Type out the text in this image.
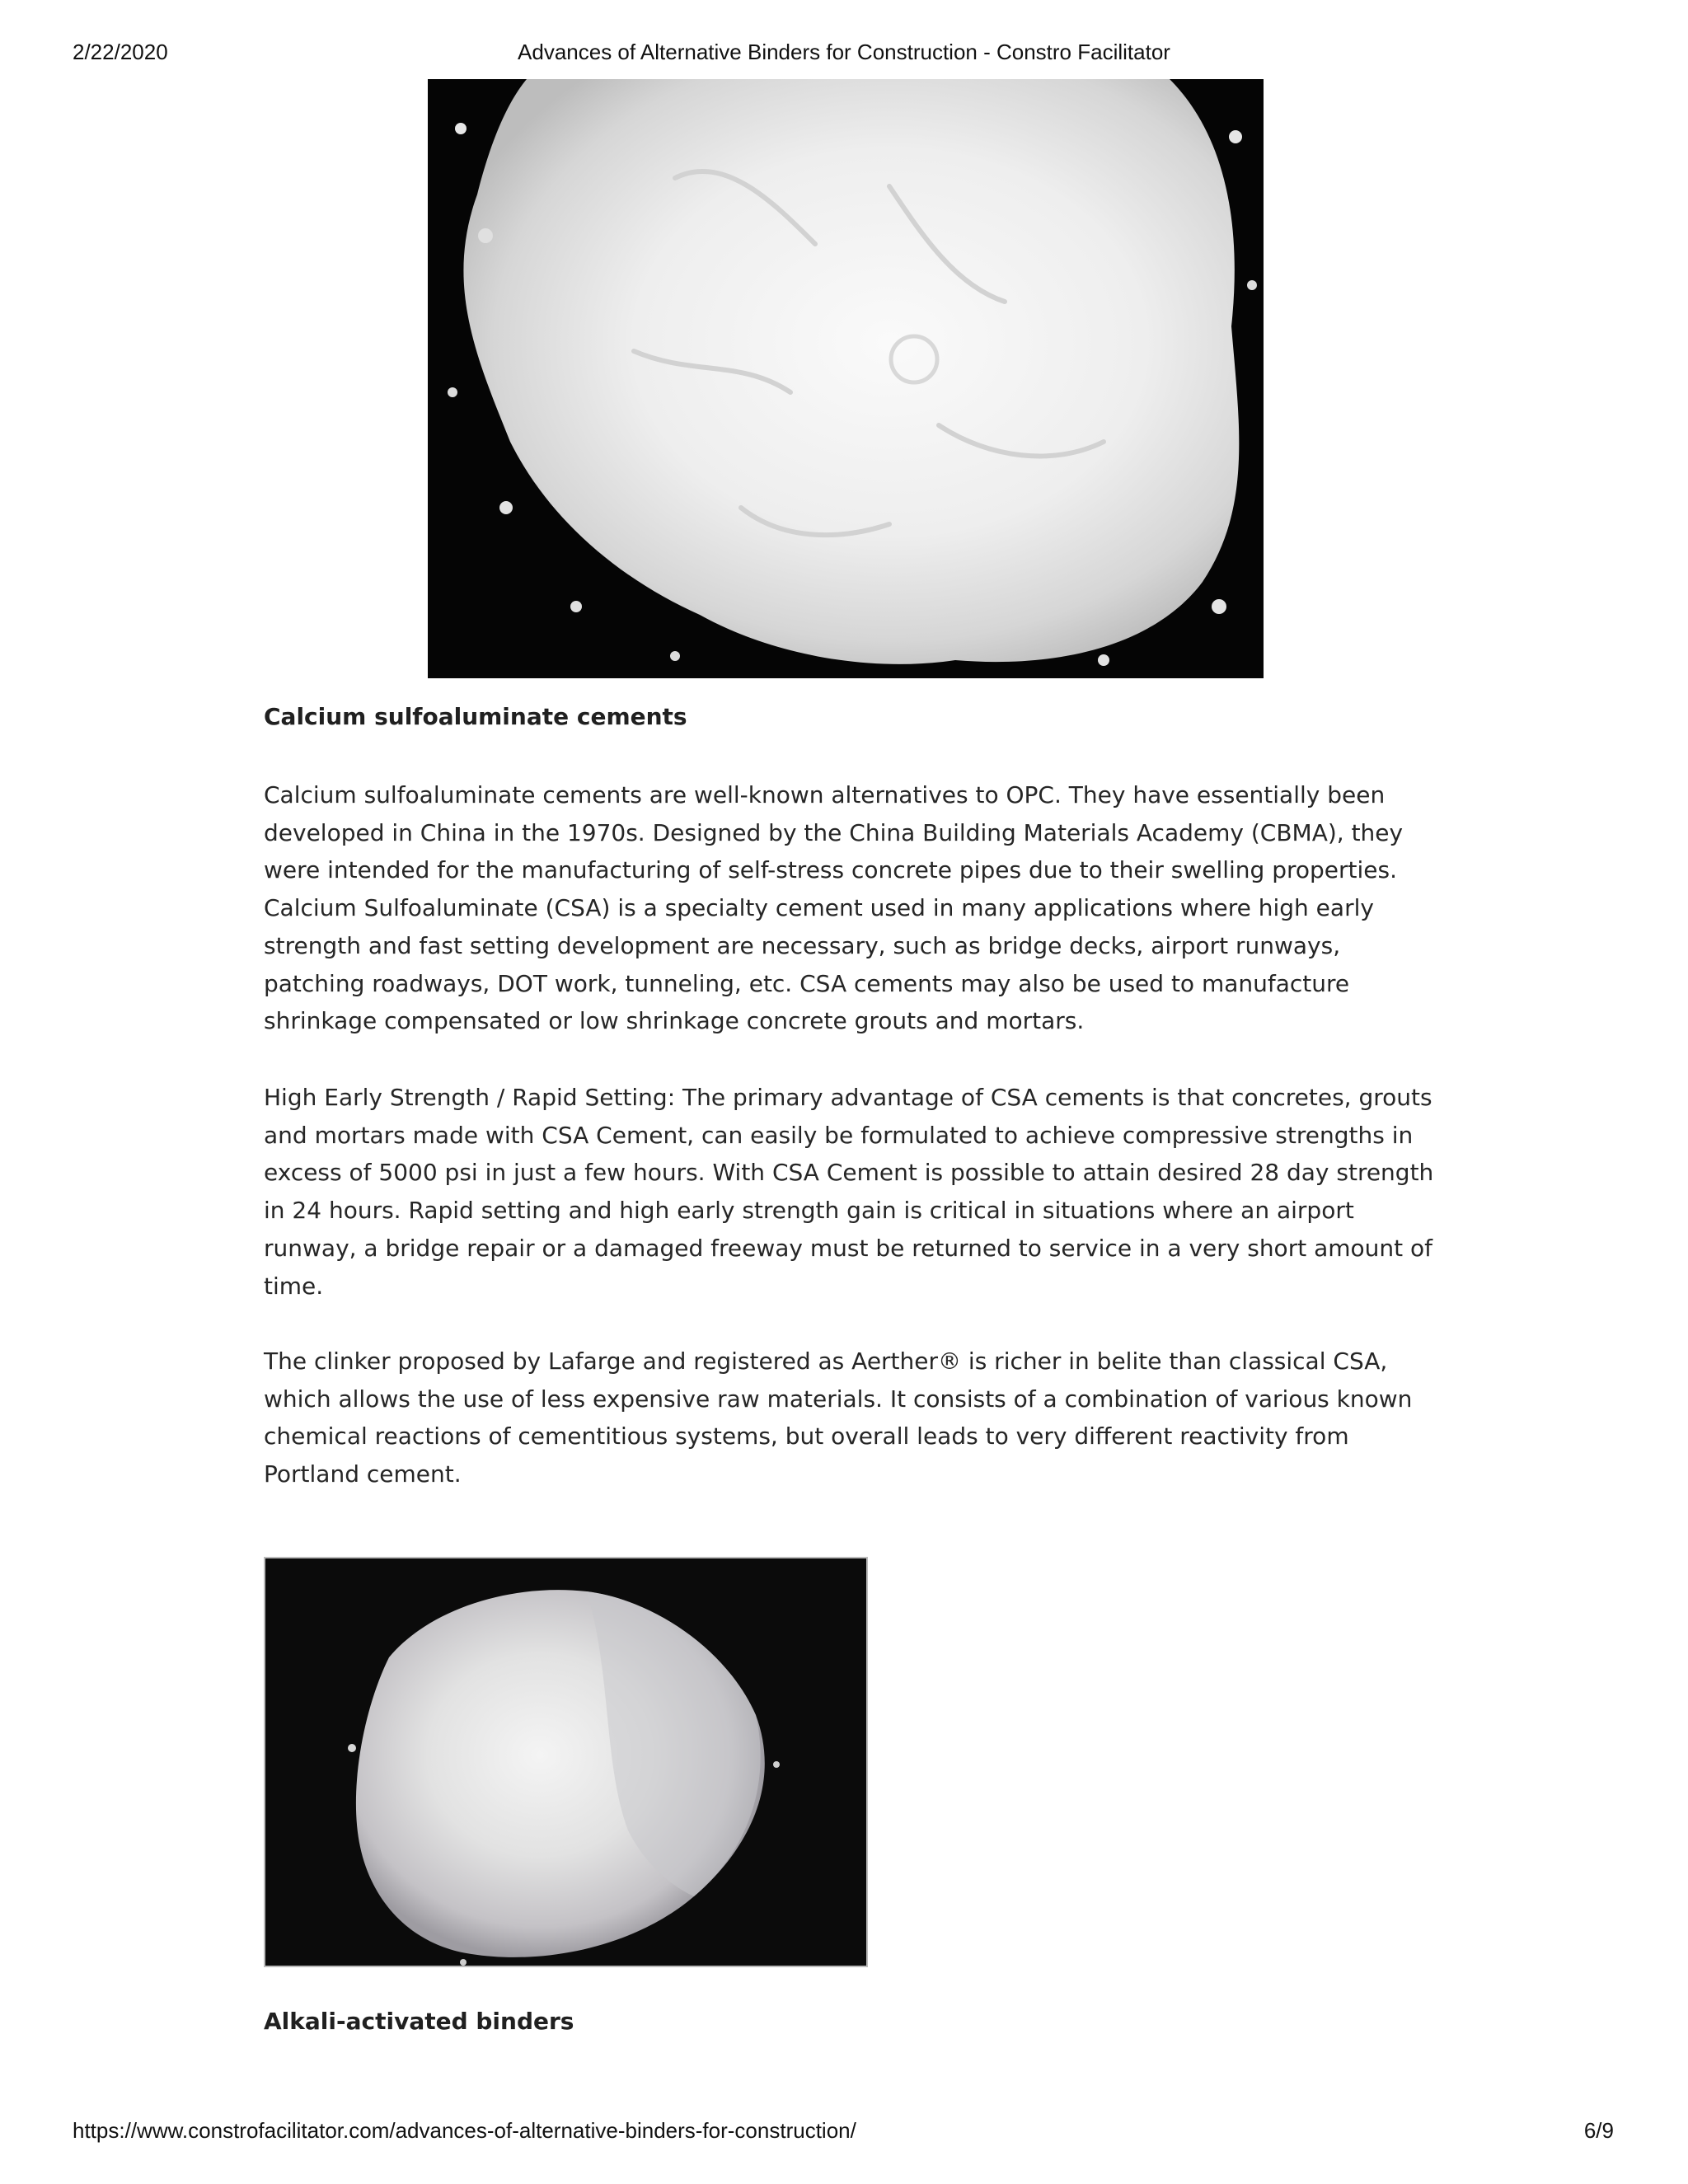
2/22/2020	Advances of Alternative Binders for Construction - Constro Facilitator
Calcium sulfoaluminate cements

Calcium sulfoaluminate cements are well-known alternatives to OPC. They have essentially been developed in China in the 1970s. Designed by the China Building Materials Academy (CBMA), they were intended for the manufacturing of self-stress concrete pipes due to their swelling properties. Calcium Sulfoaluminate (CSA) is a specialty cement used in many applications where high early strength and fast setting development are necessary, such as bridge decks, airport runways, patching roadways, DOT work, tunneling, etc. CSA cements may also be used to manufacture shrinkage compensated or low shrinkage concrete grouts and mortars.

High Early Strength / Rapid Setting: The primary advantage of CSA cements is that concretes, grouts and mortars made with CSA Cement, can easily be formulated to achieve compressive strengths in excess of 5000 psi in just a few hours. With CSA Cement is possible to attain desired 28 day strength in 24 hours. Rapid setting and high early strength gain is critical in situations where an airport runway, a bridge repair or a damaged freeway must be returned to service in a very short amount of time.

The clinker proposed by Lafarge and registered as Aerther® is richer in belite than classical CSA, which allows the use of less expensive raw materials. It consists of a combination of various known chemical reactions of cementitious systems, but overall leads to very different reactivity from Portland cement.

Alkali-activated binders
https://www.constrofacilitator.com/advances-of-alternative-binders-for-construction/	6/9
